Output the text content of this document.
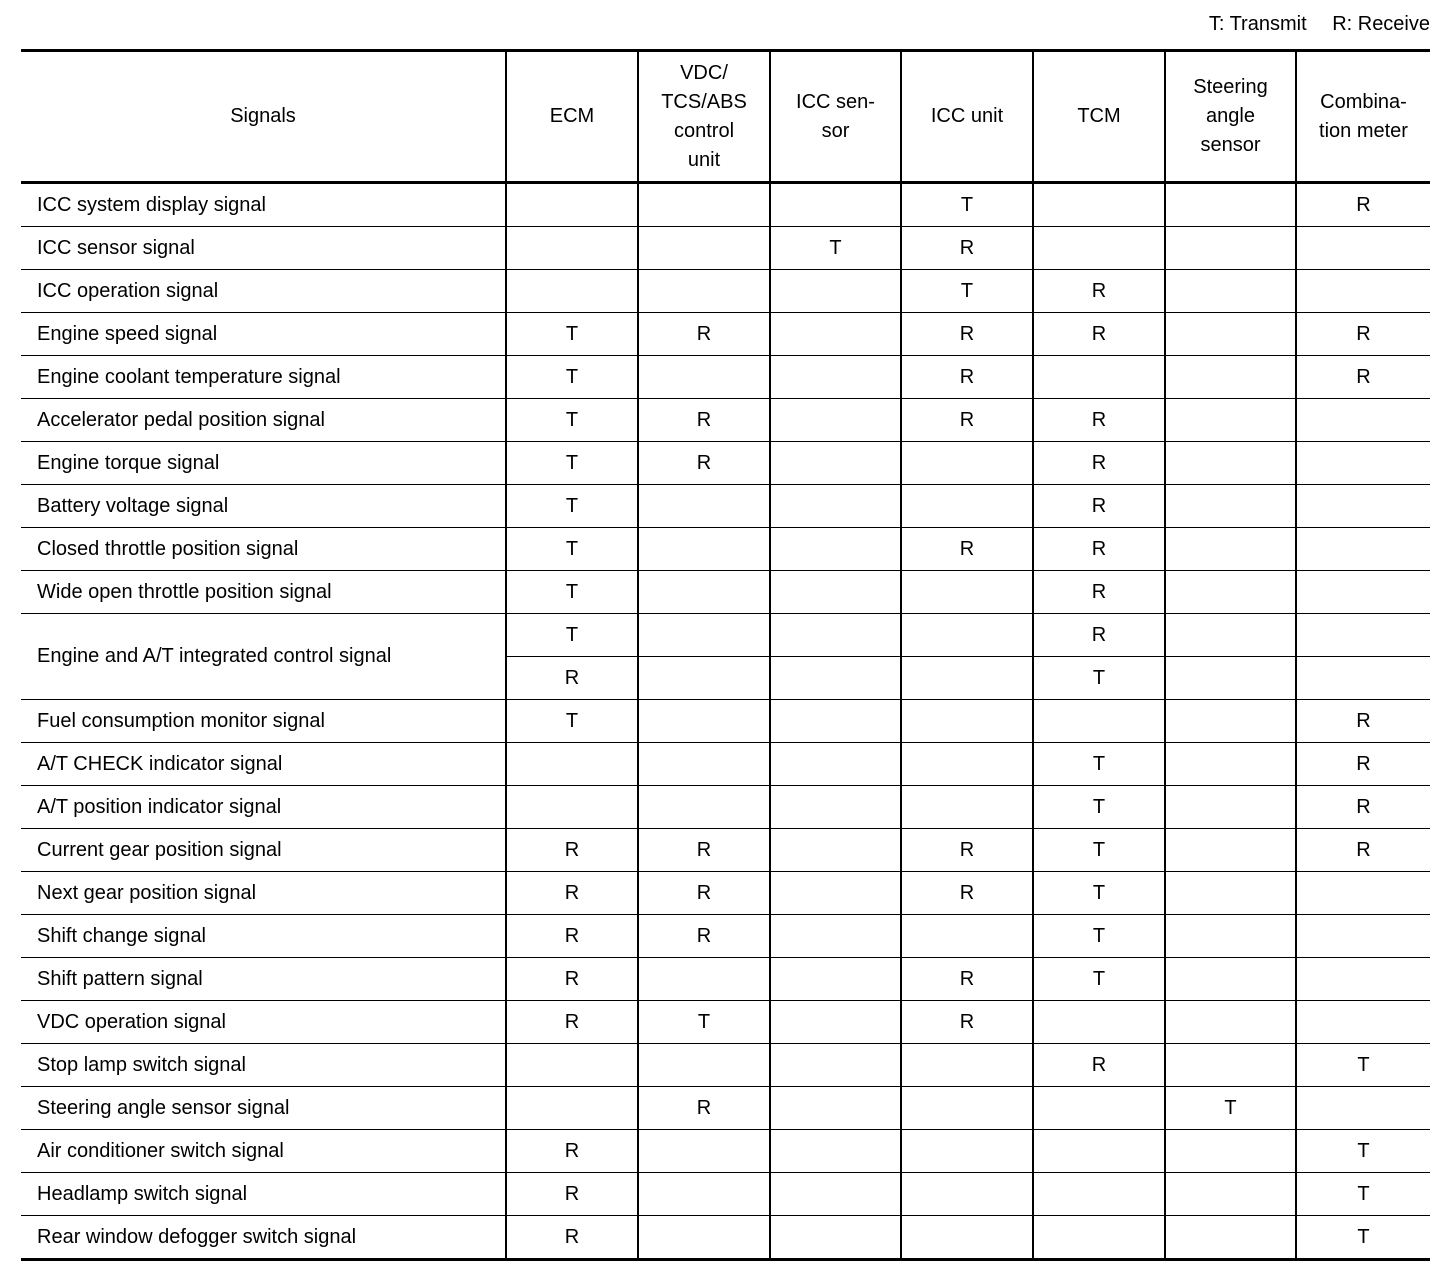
T: Transmit R: Receive
Signals	ECM	VDC/
TCS/ABS
control
unit	ICC sen-
sor	ICC unit	TCM	Steering
angle
sensor	Combina-
tion meter
ICC system display signal				T			R
ICC sensor signal			T	R			
ICC operation signal				T	R		
Engine speed signal	T	R		R	R		R
Engine coolant temperature signal	T			R			R
Accelerator pedal position signal	T	R		R	R		
Engine torque signal	T	R			R		
Battery voltage signal	T				R		
Closed throttle position signal	T			R	R		
Wide open throttle position signal	T				R		
Engine and A/T integrated control signal	T				R		
	R				T		
Fuel consumption monitor signal	T						R
A/T CHECK indicator signal					T		R
A/T position indicator signal					T		R
Current gear position signal	R	R		R	T		R
Next gear position signal	R	R		R	T		
Shift change signal	R	R			T		
Shift pattern signal	R			R	T		
VDC operation signal	R	T		R			
Stop lamp switch signal					R		T
Steering angle sensor signal		R				T	
Air conditioner switch signal	R						T
Headlamp switch signal	R						T
Rear window defogger switch signal	R						T
